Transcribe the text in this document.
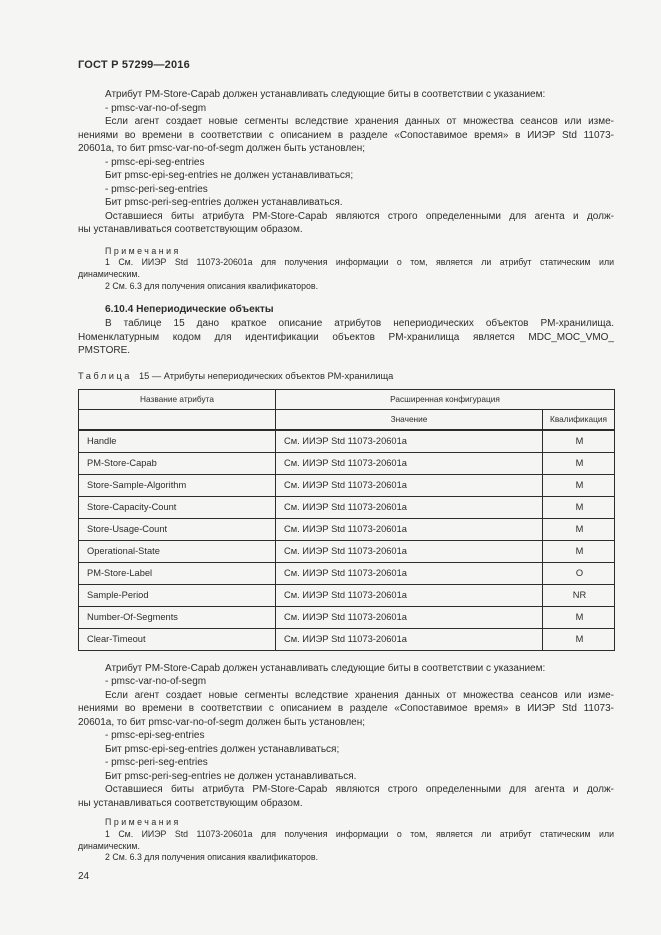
ГОСТ Р 57299—2016
Атрибут PM-Store-Capab должен устанавливать следующие биты в соответствии с указанием:
- pmsc-var-no-of-segm
Если агент создает новые сегменты вследствие хранения данных от множества сеансов или изме-
нениями во времени в соответствии с описанием в разделе «Сопоставимое время» в ИИЭР Std 11073-
20601a, то бит pmsc-var-no-of-segm должен быть установлен;
- pmsc-epi-seg-entries
Бит pmsc-epi-seg-entries не должен устанавливаться;
- pmsc-peri-seg-entries
Бит pmsc-peri-seg-entries должен устанавливаться.
Оставшиеся биты атрибута PM-Store-Capab являются строго определенными для агента и долж-
ны устанавливаться соответствующим образом.
Примечания
1 См. ИИЭР Std 11073-20601a для получения информации о том, является ли атрибут статическим или
динамическим.
2 См. 6.3 для получения описания квалификаторов.
6.10.4 Непериодические объекты
В таблице 15 дано краткое описание атрибутов непериодических объектов PM-хранилища.
Номенклатурным кодом для идентификации объектов PM-хранилища является MDC_MOC_VMO_
PMSTORE.
Таблица 15 — Атрибуты непериодических объектов PM-хранилища
Название атрибута	Расширенная конфигурация	
	Значение	Квалификация
Handle	См. ИИЭР Std 11073-20601a	M
PM-Store-Capab	См. ИИЭР Std 11073-20601a	M
Store-Sample-Algorithm	См. ИИЭР Std 11073-20601a	M
Store-Capacity-Count	См. ИИЭР Std 11073-20601a	M
Store-Usage-Count	См. ИИЭР Std 11073-20601a	M
Operational-State	См. ИИЭР Std 11073-20601a	M
PM-Store-Label	См. ИИЭР Std 11073-20601a	O
Sample-Period	См. ИИЭР Std 11073-20601a	NR
Number-Of-Segments	См. ИИЭР Std 11073-20601a	M
Clear-Timeout	См. ИИЭР Std 11073-20601a	M
Атрибут PM-Store-Capab должен устанавливать следующие биты в соответствии с указанием:
- pmsc-var-no-of-segm
Если агент создает новые сегменты вследствие хранения данных от множества сеансов или изме-
нениями во времени в соответствии с описанием в разделе «Сопоставимое время» в ИИЭР Std 11073-
20601a, то бит pmsc-var-no-of-segm должен быть установлен;
- pmsc-epi-seg-entries
Бит pmsc-epi-seg-entries должен устанавливаться;
- pmsc-peri-seg-entries
Бит pmsc-peri-seg-entries не должен устанавливаться.
Оставшиеся биты атрибута PM-Store-Capab являются строго определенными для агента и долж-
ны устанавливаться соответствующим образом.
Примечания
1 См. ИИЭР Std 11073-20601a для получения информации о том, является ли атрибут статическим или
динамическим.
2 См. 6.3 для получения описания квалификаторов.
24
